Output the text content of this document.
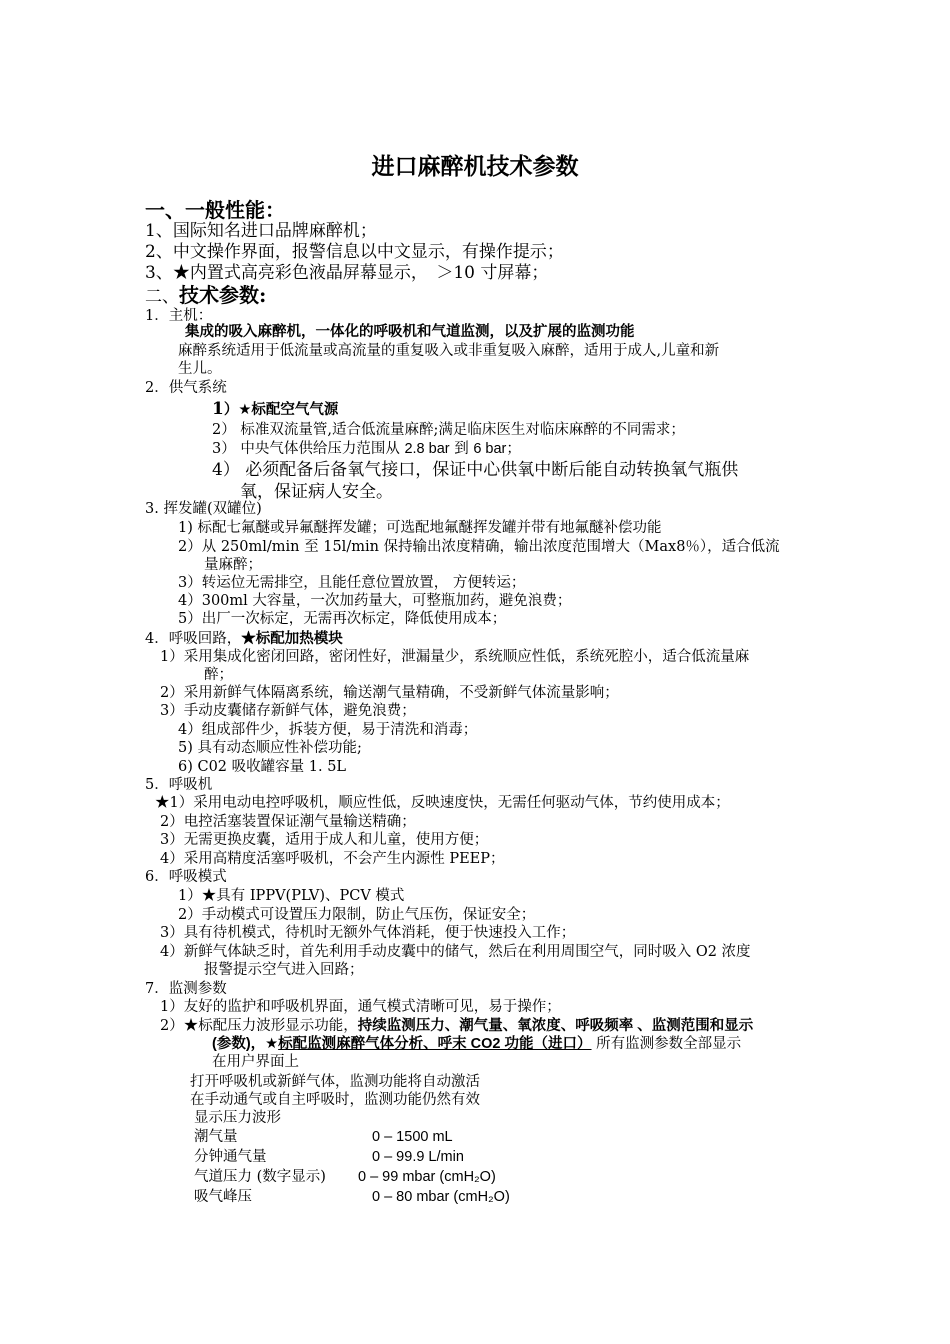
进口麻醉机技术参数
一、一般性能：
1、国际知名进口品牌麻醉机；
2、中文操作界面，报警信息以中文显示，有操作提示；
3、★内置式高亮彩色液晶屏幕显示，　＞10 寸屏幕；
二、技术参数:
1．主机：
集成的吸入麻醉机，一体化的呼吸机和气道监测，以及扩展的监测功能
麻醉系统适用于低流量或高流量的重复吸入或非重复吸入麻醉，适用于成人,儿童和新
生儿。
2．供气系统
1）★标配空气气源
2） 标准双流量管,适合低流量麻醉;满足临床医生对临床麻醉的不同需求；
3） 中央气体供给压力范围从 2.8 bar 到 6 bar；
4） 必须配备后备氧气接口，保证中心供氧中断后能自动转换氧气瓶供
氧，保证病人安全。
3. 挥发罐(双罐位)
1) 标配七氟醚或异氟醚挥发罐；可选配地氟醚挥发罐并带有地氟醚补偿功能
2）从 250ml/min 至 15l/min 保持输出浓度精确，输出浓度范围增大（Max8％），适合低流
量麻醉；
3）转运位无需排空，且能任意位置放置， 方便转运；
4）300ml 大容量，一次加药量大，可整瓶加药，避免浪费；
5）出厂一次标定，无需再次标定，降低使用成本；
4．呼吸回路，★标配加热模块
1）采用集成化密闭回路，密闭性好，泄漏量少，系统顺应性低，系统死腔小，适合低流量麻
醉；
2）采用新鲜气体隔离系统，输送潮气量精确，不受新鲜气体流量影响；
3）手动皮囊储存新鲜气体，避免浪费；
4）组成部件少，拆装方便，易于清洗和消毒；
5) 具有动态顺应性补偿功能;
6) C02 吸收罐容量 1. 5L
5．呼吸机
★1）采用电动电控呼吸机，顺应性低，反映速度快，无需任何驱动气体，节约使用成本；
2）电控活塞装置保证潮气量输送精确；
3）无需更换皮囊，适用于成人和儿童，使用方便；
4）采用高精度活塞呼吸机，不会产生内源性 PEEP；
6．呼吸模式
1）★具有 IPPV(PLV)、PCV 模式
2）手动模式可设置压力限制，防止气压伤，保证安全；
3）具有待机模式，待机时无额外气体消耗，便于快速投入工作；
4）新鲜气体缺乏时，首先利用手动皮囊中的储气，然后在利用周围空气，同时吸入 O2 浓度
报警提示空气进入回路；
7．监测参数
1）友好的监护和呼吸机界面，通气模式清晰可见，易于操作；
2）★标配压力波形显示功能，持续监测压力、潮气量、氧浓度、呼吸频率 、监测范围和显示
(参数)，★标配监测麻醉气体分析、呼末 CO2 功能（进口） 所有监测参数全部显示
在用户界面上
打开呼吸机或新鲜气体，监测功能将自动激活
在手动通气或自主呼吸时，监测功能仍然有效
显示压力波形
潮气量	0 – 1500 mL
分钟通气量	0 – 99.9 L/min
气道压力 (数字显示) 0 – 99 mbar (cmH₂O)
吸气峰压	0 – 80 mbar (cmH₂O)
